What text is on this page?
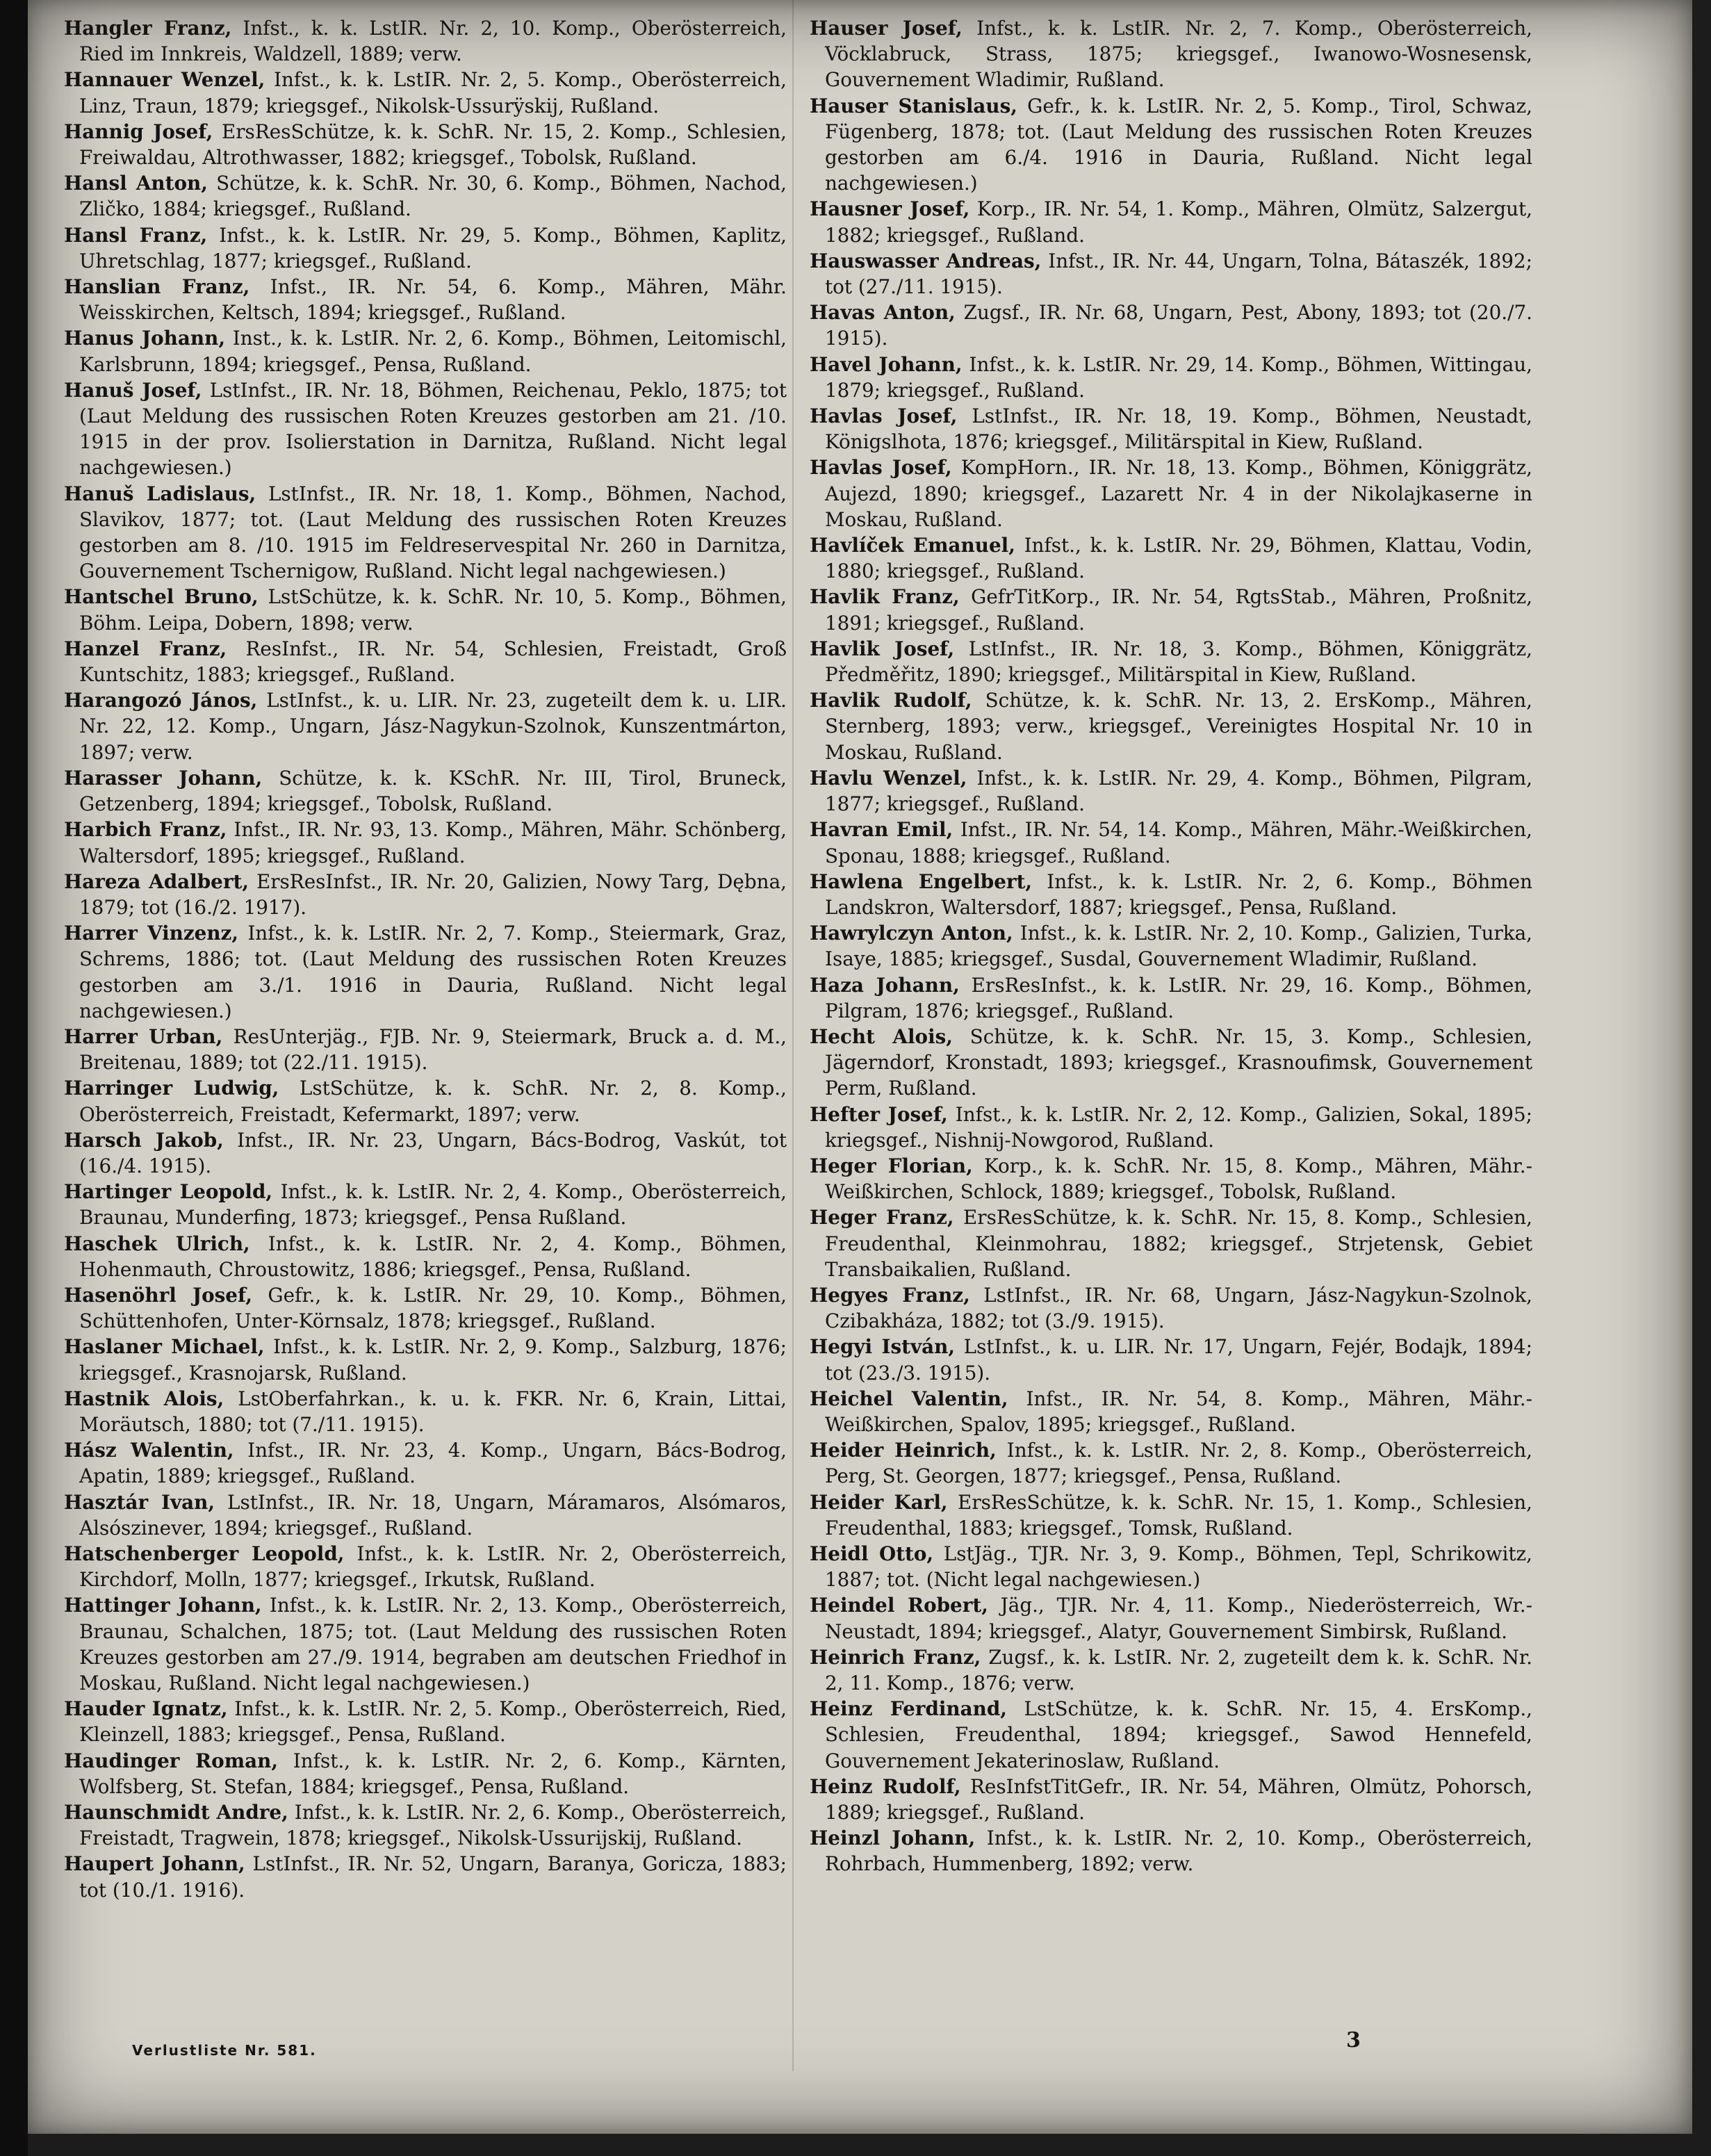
Hangler Franz, Infst., k. k. LstIR. Nr. 2, 10. Komp., Oberösterreich, Ried im Innkreis, Waldzell, 1889; verw.

Hannauer Wenzel, Infst., k. k. LstIR. Nr. 2, 5. Komp., Oberösterreich, Linz, Traun, 1879; kriegsgef., Nikolsk-Ussurÿskij, Rußland.

Hannig Josef, ErsResSchütze, k. k. SchR. Nr. 15, 2. Komp., Schlesien, Freiwaldau, Altrothwasser, 1882; kriegsgef., Tobolsk, Rußland.

Hansl Anton, Schütze, k. k. SchR. Nr. 30, 6. Komp., Böhmen, Nachod, Zličko, 1884; kriegsgef., Rußland.

Hansl Franz, Infst., k. k. LstIR. Nr. 29, 5. Komp., Böhmen, Kaplitz, Uhretschlag, 1877; kriegsgef., Rußland.

Hanslian Franz, Infst., IR. Nr. 54, 6. Komp., Mähren, Mähr. Weisskirchen, Keltsch, 1894; kriegsgef., Rußland.

Hanus Johann, Inst., k. k. LstIR. Nr. 2, 6. Komp., Böhmen, Leitomischl, Karlsbrunn, 1894; kriegsgef., Pensa, Rußland.

Hanuš Josef, LstInfst., IR. Nr. 18, Böhmen, Reichenau, Peklo, 1875; tot (Laut Meldung des russischen Roten Kreuzes gestorben am 21. /10. 1915 in der prov. Isolierstation in Darnitza, Rußland. Nicht legal nachgewiesen.)

Hanuš Ladislaus, LstInfst., IR. Nr. 18, 1. Komp., Böhmen, Nachod, Slavikov, 1877; tot. (Laut Meldung des russischen Roten Kreuzes gestorben am 8. /10. 1915 im Feldreservespital Nr. 260 in Darnitza, Gouvernement Tschernigow, Rußland. Nicht legal nachgewiesen.)

Hantschel Bruno, LstSchütze, k. k. SchR. Nr. 10, 5. Komp., Böhmen, Böhm. Leipa, Dobern, 1898; verw.

Hanzel Franz, ResInfst., IR. Nr. 54, Schlesien, Freistadt, Groß Kuntschitz, 1883; kriegsgef., Rußland.

Harangozó János, LstInfst., k. u. LIR. Nr. 23, zugeteilt dem k. u. LIR. Nr. 22, 12. Komp., Ungarn, Jász-Nagykun-Szolnok, Kunszentmárton, 1897; verw.

Harasser Johann, Schütze, k. k. KSchR. Nr. III, Tirol, Bruneck, Getzenberg, 1894; kriegsgef., Tobolsk, Rußland.

Harbich Franz, Infst., IR. Nr. 93, 13. Komp., Mähren, Mähr. Schönberg, Waltersdorf, 1895; kriegsgef., Rußland.

Hareza Adalbert, ErsResInfst., IR. Nr. 20, Galizien, Nowy Targ, Dębna, 1879; tot (16./2. 1917).

Harrer Vinzenz, Infst., k. k. LstIR. Nr. 2, 7. Komp., Steiermark, Graz, Schrems, 1886; tot. (Laut Meldung des russischen Roten Kreuzes gestorben am 3./1. 1916 in Dauria, Rußland. Nicht legal nachgewiesen.)

Harrer Urban, ResUnterjäg., FJB. Nr. 9, Steiermark, Bruck a. d. M., Breitenau, 1889; tot (22./11. 1915).

Harringer Ludwig, LstSchütze, k. k. SchR. Nr. 2, 8. Komp., Oberösterreich, Freistadt, Kefermarkt, 1897; verw.

Harsch Jakob, Infst., IR. Nr. 23, Ungarn, Bács-Bodrog, Vaskút, tot (16./4. 1915).

Hartinger Leopold, Infst., k. k. LstIR. Nr. 2, 4. Komp., Oberösterreich, Braunau, Munderfing, 1873; kriegsgef., Pensa Rußland.

Haschek Ulrich, Infst., k. k. LstIR. Nr. 2, 4. Komp., Böhmen, Hohenmauth, Chroustowitz, 1886; kriegsgef., Pensa, Rußland.

Hasenöhrl Josef, Gefr., k. k. LstIR. Nr. 29, 10. Komp., Böhmen, Schüttenhofen, Unter-Körnsalz, 1878; kriegsgef., Rußland.

Haslaner Michael, Infst., k. k. LstIR. Nr. 2, 9. Komp., Salzburg, 1876; kriegsgef., Krasnojarsk, Rußland.

Hastnik Alois, LstOberfahrkan., k. u. k. FKR. Nr. 6, Krain, Littai, Moräutsch, 1880; tot (7./11. 1915).

Hász Walentin, Infst., IR. Nr. 23, 4. Komp., Ungarn, Bács-Bodrog, Apatin, 1889; kriegsgef., Rußland.

Hasztár Ivan, LstInfst., IR. Nr. 18, Ungarn, Máramaros, Alsómaros, Alsószinever, 1894; kriegsgef., Rußland.

Hatschenberger Leopold, Infst., k. k. LstIR. Nr. 2, Oberösterreich, Kirchdorf, Molln, 1877; kriegsgef., Irkutsk, Rußland.

Hattinger Johann, Infst., k. k. LstIR. Nr. 2, 13. Komp., Oberösterreich, Braunau, Schalchen, 1875; tot. (Laut Meldung des russischen Roten Kreuzes gestorben am 27./9. 1914, begraben am deutschen Friedhof in Moskau, Rußland. Nicht legal nachgewiesen.)

Hauder Ignatz, Infst., k. k. LstIR. Nr. 2, 5. Komp., Oberösterreich, Ried, Kleinzell, 1883; kriegsgef., Pensa, Rußland.

Haudinger Roman, Infst., k. k. LstIR. Nr. 2, 6. Komp., Kärnten, Wolfsberg, St. Stefan, 1884; kriegsgef., Pensa, Rußland.

Haunschmidt Andre, Infst., k. k. LstIR. Nr. 2, 6. Komp., Oberösterreich, Freistadt, Tragwein, 1878; kriegsgef., Nikolsk-Ussurijskij, Rußland.

Haupert Johann, LstInfst., IR. Nr. 52, Ungarn, Baranya, Goricza, 1883; tot (10./1. 1916).

Hauser Josef, Infst., k. k. LstIR. Nr. 2, 7. Komp., Oberösterreich, Vöcklabruck, Strass, 1875; kriegsgef., Iwanowo-Wosnesensk, Gouvernement Wladimir, Rußland.

Hauser Stanislaus, Gefr., k. k. LstIR. Nr. 2, 5. Komp., Tirol, Schwaz, Fügenberg, 1878; tot. (Laut Meldung des russischen Roten Kreuzes gestorben am 6./4. 1916 in Dauria, Rußland. Nicht legal nachgewiesen.)

Hausner Josef, Korp., IR. Nr. 54, 1. Komp., Mähren, Olmütz, Salzergut, 1882; kriegsgef., Rußland.

Hauswasser Andreas, Infst., IR. Nr. 44, Ungarn, Tolna, Bátaszék, 1892; tot (27./11. 1915).

Havas Anton, Zugsf., IR. Nr. 68, Ungarn, Pest, Abony, 1893; tot (20./7. 1915).

Havel Johann, Infst., k. k. LstIR. Nr. 29, 14. Komp., Böhmen, Wittingau, 1879; kriegsgef., Rußland.

Havlas Josef, LstInfst., IR. Nr. 18, 19. Komp., Böhmen, Neustadt, Königslhota, 1876; kriegsgef., Militärspital in Kiew, Rußland.

Havlas Josef, KompHorn., IR. Nr. 18, 13. Komp., Böhmen, Königgrätz, Aujezd, 1890; kriegsgef., Lazarett Nr. 4 in der Nikolajkaserne in Moskau, Rußland.

Havlíček Emanuel, Infst., k. k. LstIR. Nr. 29, Böhmen, Klattau, Vodin, 1880; kriegsgef., Rußland.

Havlik Franz, GefrTitKorp., IR. Nr. 54, RgtsStab., Mähren, Proßnitz, 1891; kriegsgef., Rußland.

Havlik Josef, LstInfst., IR. Nr. 18, 3. Komp., Böhmen, Königgrätz, Předměřitz, 1890; kriegsgef., Militärspital in Kiew, Rußland.

Havlik Rudolf, Schütze, k. k. SchR. Nr. 13, 2. ErsKomp., Mähren, Sternberg, 1893; verw., kriegsgef., Vereinigtes Hospital Nr. 10 in Moskau, Rußland.

Havlu Wenzel, Infst., k. k. LstIR. Nr. 29, 4. Komp., Böhmen, Pilgram, 1877; kriegsgef., Rußland.

Havran Emil, Infst., IR. Nr. 54, 14. Komp., Mähren, Mähr.-Weißkirchen, Sponau, 1888; kriegsgef., Rußland.

Hawlena Engelbert, Infst., k. k. LstIR. Nr. 2, 6. Komp., Böhmen Landskron, Waltersdorf, 1887; kriegsgef., Pensa, Rußland.

Hawrylczyn Anton, Infst., k. k. LstIR. Nr. 2, 10. Komp., Galizien, Turka, Isaye, 1885; kriegsgef., Susdal, Gouvernement Wladimir, Rußland.

Haza Johann, ErsResInfst., k. k. LstIR. Nr. 29, 16. Komp., Böhmen, Pilgram, 1876; kriegsgef., Rußland.

Hecht Alois, Schütze, k. k. SchR. Nr. 15, 3. Komp., Schlesien, Jägerndorf, Kronstadt, 1893; kriegsgef., Krasnoufimsk, Gouvernement Perm, Rußland.

Hefter Josef, Infst., k. k. LstIR. Nr. 2, 12. Komp., Galizien, Sokal, 1895; kriegsgef., Nishnij-Nowgorod, Rußland.

Heger Florian, Korp., k. k. SchR. Nr. 15, 8. Komp., Mähren, Mähr.-Weißkirchen, Schlock, 1889; kriegsgef., Tobolsk, Rußland.

Heger Franz, ErsResSchütze, k. k. SchR. Nr. 15, 8. Komp., Schlesien, Freudenthal, Kleinmohrau, 1882; kriegsgef., Strjetensk, Gebiet Transbaikalien, Rußland.

Hegyes Franz, LstInfst., IR. Nr. 68, Ungarn, Jász-Nagykun-Szolnok, Czibakháza, 1882; tot (3./9. 1915).

Hegyi István, LstInfst., k. u. LIR. Nr. 17, Ungarn, Fejér, Bodajk, 1894; tot (23./3. 1915).

Heichel Valentin, Infst., IR. Nr. 54, 8. Komp., Mähren, Mähr.-Weißkirchen, Spalov, 1895; kriegsgef., Rußland.

Heider Heinrich, Infst., k. k. LstIR. Nr. 2, 8. Komp., Oberösterreich, Perg, St. Georgen, 1877; kriegsgef., Pensa, Rußland.

Heider Karl, ErsResSchütze, k. k. SchR. Nr. 15, 1. Komp., Schlesien, Freudenthal, 1883; kriegsgef., Tomsk, Rußland.

Heidl Otto, LstJäg., TJR. Nr. 3, 9. Komp., Böhmen, Tepl, Schrikowitz, 1887; tot. (Nicht legal nachgewiesen.)

Heindel Robert, Jäg., TJR. Nr. 4, 11. Komp., Niederösterreich, Wr.-Neustadt, 1894; kriegsgef., Alatyr, Gouvernement Simbirsk, Rußland.

Heinrich Franz, Zugsf., k. k. LstIR. Nr. 2, zugeteilt dem k. k. SchR. Nr. 2, 11. Komp., 1876; verw.

Heinz Ferdinand, LstSchütze, k. k. SchR. Nr. 15, 4. ErsKomp., Schlesien, Freudenthal, 1894; kriegsgef., Sawod Hennefeld, Gouvernement Jekaterinoslaw, Rußland.

Heinz Rudolf, ResInfstTitGefr., IR. Nr. 54, Mähren, Olmütz, Pohorsch, 1889; kriegsgef., Rußland.

Heinzl Johann, Infst., k. k. LstIR. Nr. 2, 10. Komp., Oberösterreich, Rohrbach, Hummenberg, 1892; verw.

Verlustliste Nr. 581.	3
